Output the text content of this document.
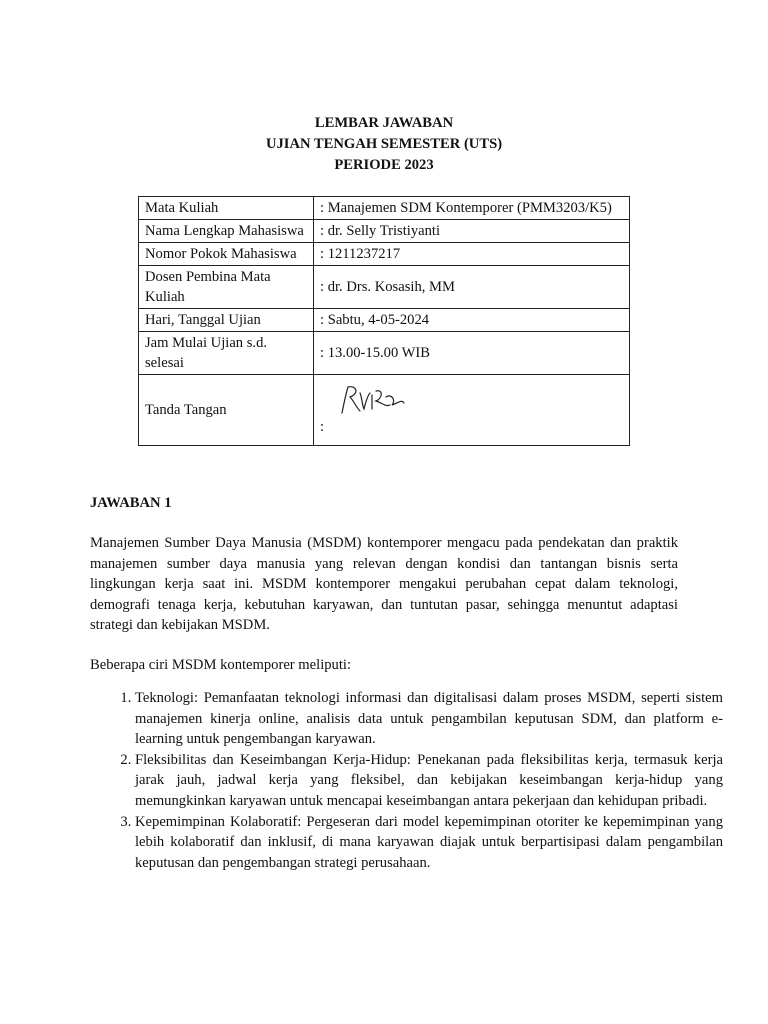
LEMBAR JAWABAN
UJIAN TENGAH SEMESTER (UTS)
PERIODE 2023
Mata Kuliah	: Manajemen SDM Kontemporer (PMM3203/K5)
Nama Lengkap Mahasiswa	: dr. Selly Tristiyanti
Nomor Pokok Mahasiswa	: 1211237217
Dosen Pembina Mata Kuliah	: dr. Drs. Kosasih, MM
Hari, Tanggal Ujian	: Sabtu, 4-05-2024
Jam Mulai Ujian s.d. selesai	: 13.00-15.00 WIB
Tanda Tangan	:
JAWABAN 1

Manajemen Sumber Daya Manusia (MSDM) kontemporer mengacu pada pendekatan dan praktik manajemen sumber daya manusia yang relevan dengan kondisi dan tantangan bisnis serta lingkungan kerja saat ini. MSDM kontemporer mengakui perubahan cepat dalam teknologi, demografi tenaga kerja, kebutuhan karyawan, dan tuntutan pasar, sehingga menuntut adaptasi strategi dan kebijakan MSDM.

Beberapa ciri MSDM kontemporer meliputi:

1. Teknologi: Pemanfaatan teknologi informasi dan digitalisasi dalam proses MSDM, seperti sistem manajemen kinerja online, analisis data untuk pengambilan keputusan SDM, dan platform e-learning untuk pengembangan karyawan.
2. Fleksibilitas dan Keseimbangan Kerja-Hidup: Penekanan pada fleksibilitas kerja, termasuk kerja jarak jauh, jadwal kerja yang fleksibel, dan kebijakan keseimbangan kerja-hidup yang memungkinkan karyawan untuk mencapai keseimbangan antara pekerjaan dan kehidupan pribadi.
3. Kepemimpinan Kolaboratif: Pergeseran dari model kepemimpinan otoriter ke kepemimpinan yang lebih kolaboratif dan inklusif, di mana karyawan diajak untuk berpartisipasi dalam pengambilan keputusan dan pengembangan strategi perusahaan.
